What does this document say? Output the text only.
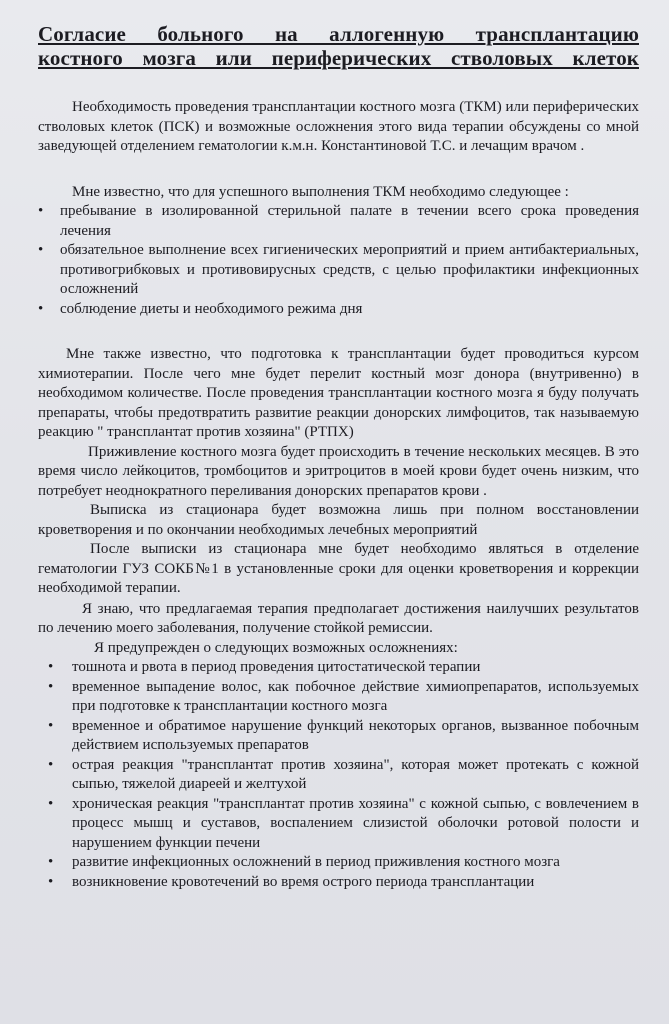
Согласие больного на аллогенную трансплантацию
костного мозга или периферических стволовых клеток

Необходимость проведения трансплантации костного мозга (ТКМ) или периферических стволовых клеток (ПСК) и возможные осложнения этого вида терапии обсуждены со мной заведующей отделением гематологии к.м.н. Константиновой Т.С. и лечащим врачом .

Мне известно, что для успешного выполнения ТКМ необходимо следующее :

•	пребывание в изолированной стерильной палате в течении всего срока проведения лечения
•	обязательное выполнение всех гигиенических мероприятий и прием антибактериальных, противогрибковых и противовирусных средств, с целью профилактики инфекционных осложнений
•	соблюдение диеты и необходимого режима дня

Мне также известно, что подготовка к трансплантации будет проводиться курсом химиотерапии. После чего мне будет перелит костный мозг донора (внутривенно) в необходимом количестве. После проведения трансплантации костного мозга я буду получать препараты, чтобы предотвратить развитие реакции донорских лимфоцитов, так называемую реакцию " трансплантат против хозяина" (РТПХ)

Приживление костного мозга будет происходить в течение нескольких месяцев. В это время число лейкоцитов, тромбоцитов и эритроцитов в моей крови будет очень низким, что потребует неоднократного переливания донорских препаратов крови .

Выписка из стационара будет возможна лишь при полном восстановлении кроветворения и по окончании необходимых лечебных мероприятий

После выписки из стационара мне будет необходимо являться в отделение гематологии ГУЗ СОКБ№1 в установленные сроки для оценки кроветворения и коррекции необходимой терапии.

Я знаю, что предлагаемая терапия предполагает достижения наилучших результатов по лечению моего заболевания, получение стойкой ремиссии.

Я предупрежден о следующих возможных осложнениях:

•	тошнота и рвота в период проведения цитостатической терапии
•	временное выпадение волос, как побочное действие химиопрепаратов, используемых при подготовке к трансплантации костного мозга
•	временное и обратимое нарушение функций некоторых органов, вызванное побочным действием используемых препаратов
•	острая реакция "трансплантат против хозяина", которая может протекать с кожной сыпью, тяжелой диареей и желтухой
•	хроническая реакция "трансплантат против хозяина" с кожной сыпью, с вовлечением в процесс мышц и суставов, воспалением слизистой оболочки ротовой полости и нарушением функции печени
•	развитие инфекционных осложнений в период приживления костного мозга
•	возникновение кровотечений во время острого периода трансплантации
